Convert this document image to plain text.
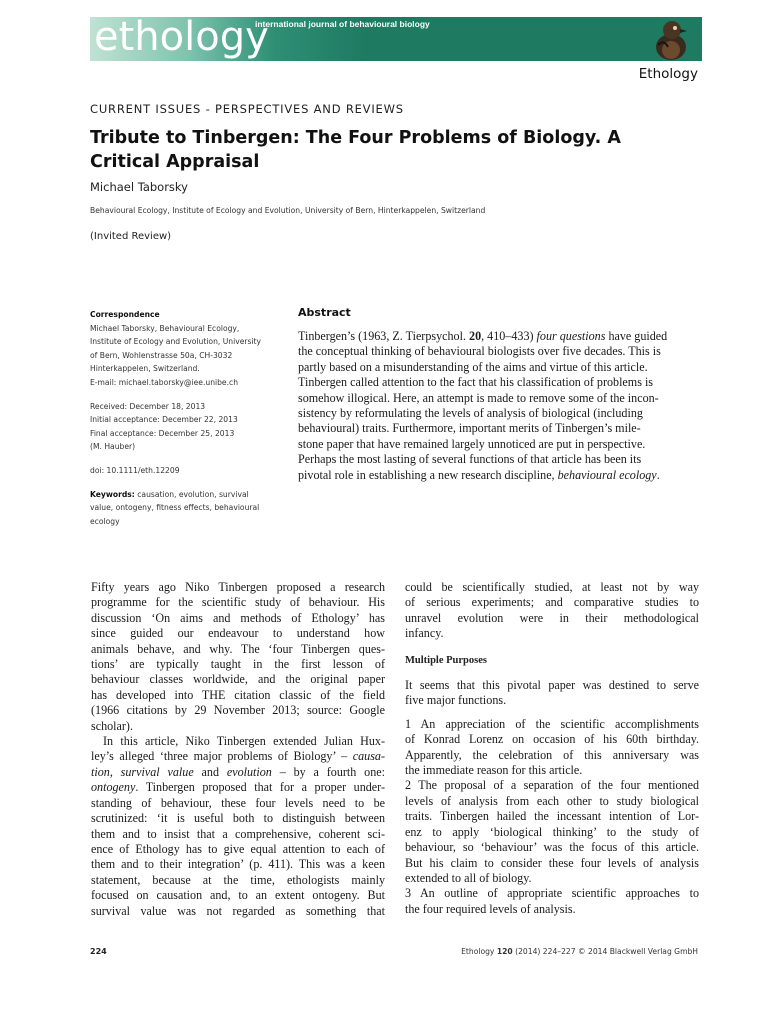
ethology
international journal of behavioural biology
Ethology
CURRENT ISSUES - PERSPECTIVES AND REVIEWS
Tribute to Tinbergen: The Four Problems of Biology. A Critical Appraisal
Michael Taborsky
Behavioural Ecology, Institute of Ecology and Evolution, University of Bern, Hinterkappelen, Switzerland
(Invited Review)
Correspondence
Michael Taborsky, Behavioural Ecology,
Institute of Ecology and Evolution, University
of Bern, Wohlenstrasse 50a, CH-3032
Hinterkappelen, Switzerland.
E-mail: michael.taborsky@iee.unibe.ch
Received: December 18, 2013
Initial acceptance: December 22, 2013
Final acceptance: December 25, 2013
(M. Hauber)
doi: 10.1111/eth.12209
Keywords: causation, evolution, survival
value, ontogeny, fitness effects, behavioural
ecology
Abstract
Tinbergen’s (1963, Z. Tierpsychol. 20, 410–433) four questions have guided
the conceptual thinking of behavioural biologists over five decades. This is
partly based on a misunderstanding of the aims and virtue of this article.
Tinbergen called attention to the fact that his classification of problems is
somehow illogical. Here, an attempt is made to remove some of the incon-
sistency by reformulating the levels of analysis of biological (including
behavioural) traits. Furthermore, important merits of Tinbergen’s mile-
stone paper that have remained largely unnoticed are put in perspective.
Perhaps the most lasting of several functions of that article has been its
pivotal role in establishing a new research discipline, behavioural ecology.
Fifty years ago Niko Tinbergen proposed a research
programme for the scientific study of behaviour. His
discussion ‘On aims and methods of Ethology’ has
since guided our endeavour to understand how
animals behave, and why. The ‘four Tinbergen ques-
tions’ are typically taught in the first lesson of
behaviour classes worldwide, and the original paper
has developed into THE citation classic of the field
(1966 citations by 29 November 2013; source: Google
scholar).
In this article, Niko Tinbergen extended Julian Hux-
ley’s alleged ‘three major problems of Biology’ – causa-
tion, survival value and evolution – by a fourth one:
ontogeny. Tinbergen proposed that for a proper under-
standing of behaviour, these four levels need to be
scrutinized: ‘it is useful both to distinguish between
them and to insist that a comprehensive, coherent sci-
ence of Ethology has to give equal attention to each of
them and to their integration’ (p. 411). This was a keen
statement, because at the time, ethologists mainly
focused on causation and, to an extent ontogeny. But
survival value was not regarded as something that
could be scientifically studied, at least not by way
of serious experiments; and comparative studies to
unravel evolution were in their methodological
infancy.
Multiple Purposes
It seems that this pivotal paper was destined to serve
five major functions.
1 An appreciation of the scientific accomplishments
of Konrad Lorenz on occasion of his 60th birthday.
Apparently, the celebration of this anniversary was
the immediate reason for this article.
2 The proposal of a separation of the four mentioned
levels of analysis from each other to study biological
traits. Tinbergen hailed the incessant intention of Lor-
enz to apply ‘biological thinking’ to the study of
behaviour, so ‘behaviour’ was the focus of this article.
But his claim to consider these four levels of analysis
extended to all of biology.
3 An outline of appropriate scientific approaches to
the four required levels of analysis.
224	Ethology 120 (2014) 224–227 © 2014 Blackwell Verlag GmbH
